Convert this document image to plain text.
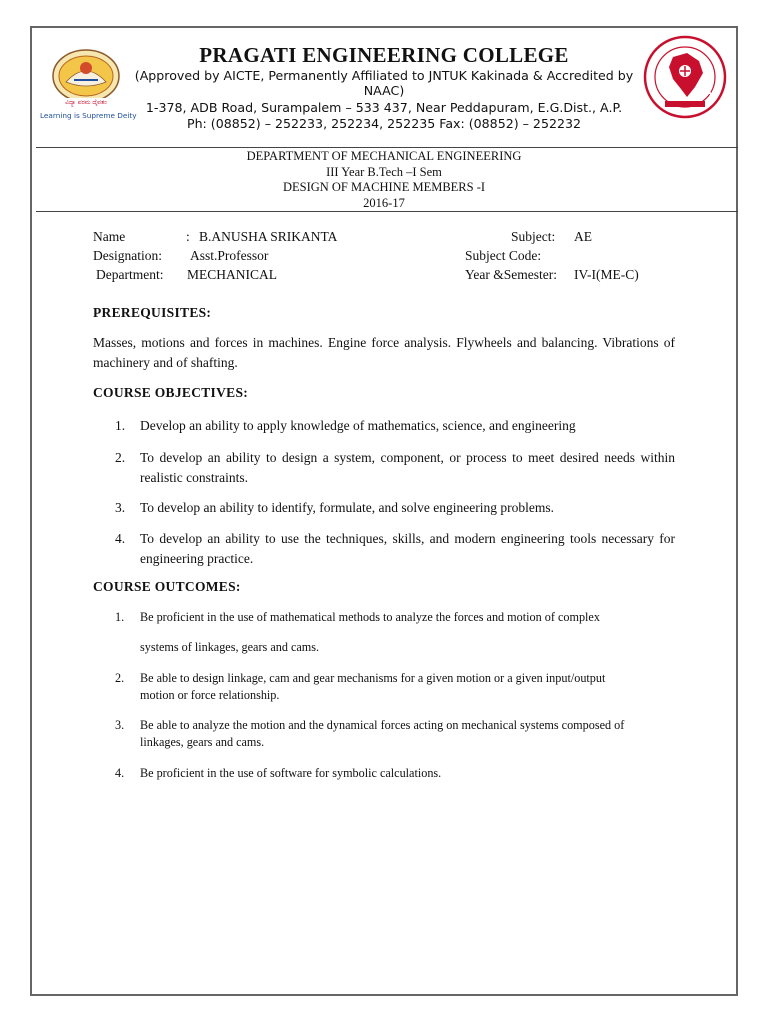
ವಿದ್ಯಾ ಪರಮ ದೈವತಂ
Learning is Supreme Deity
NAAC
PRAGATI ENGINEERING COLLEGE
(Approved by AICTE, Permanently Affiliated to JNTUK Kakinada & Accredited by
NAAC)
1-378, ADB Road, Surampalem – 533 437, Near Peddapuram, E.G.Dist., A.P.
Ph: (08852) – 252233, 252234, 252235 Fax: (08852) – 252232
DEPARTMENT OF MECHANICAL ENGINEERING
III Year B.Tech –I Sem
DESIGN OF MACHINE MEMBERS -I
2016-17
Name	: B.ANUSHA SRIKANTA
Designation: Asst.Professor
Department: MECHANICAL
Subject: AE
Subject Code:
Year &Semester: IV-I(ME-C)
PREREQUISITES:
Masses, motions and forces in machines. Engine force analysis. Flywheels and balancing. Vibrations of machinery and of shafting.
COURSE OBJECTIVES:
1. Develop an ability to apply knowledge of mathematics, science, and engineering
2. To develop an ability to design a system, component, or process to meet desired needs within realistic constraints.
3. To develop an ability to identify, formulate, and solve engineering problems.
4. To develop an ability to use the techniques, skills, and modern engineering tools necessary for engineering practice.
COURSE OUTCOMES:
1. Be proficient in the use of mathematical methods to analyze the forces and motion of complex
systems of linkages, gears and cams.
2. Be able to design linkage, cam and gear mechanisms for a given motion or a given input/output motion or force relationship.
3. Be able to analyze the motion and the dynamical forces acting on mechanical systems composed of linkages, gears and cams.
4. Be proficient in the use of software for symbolic calculations.
